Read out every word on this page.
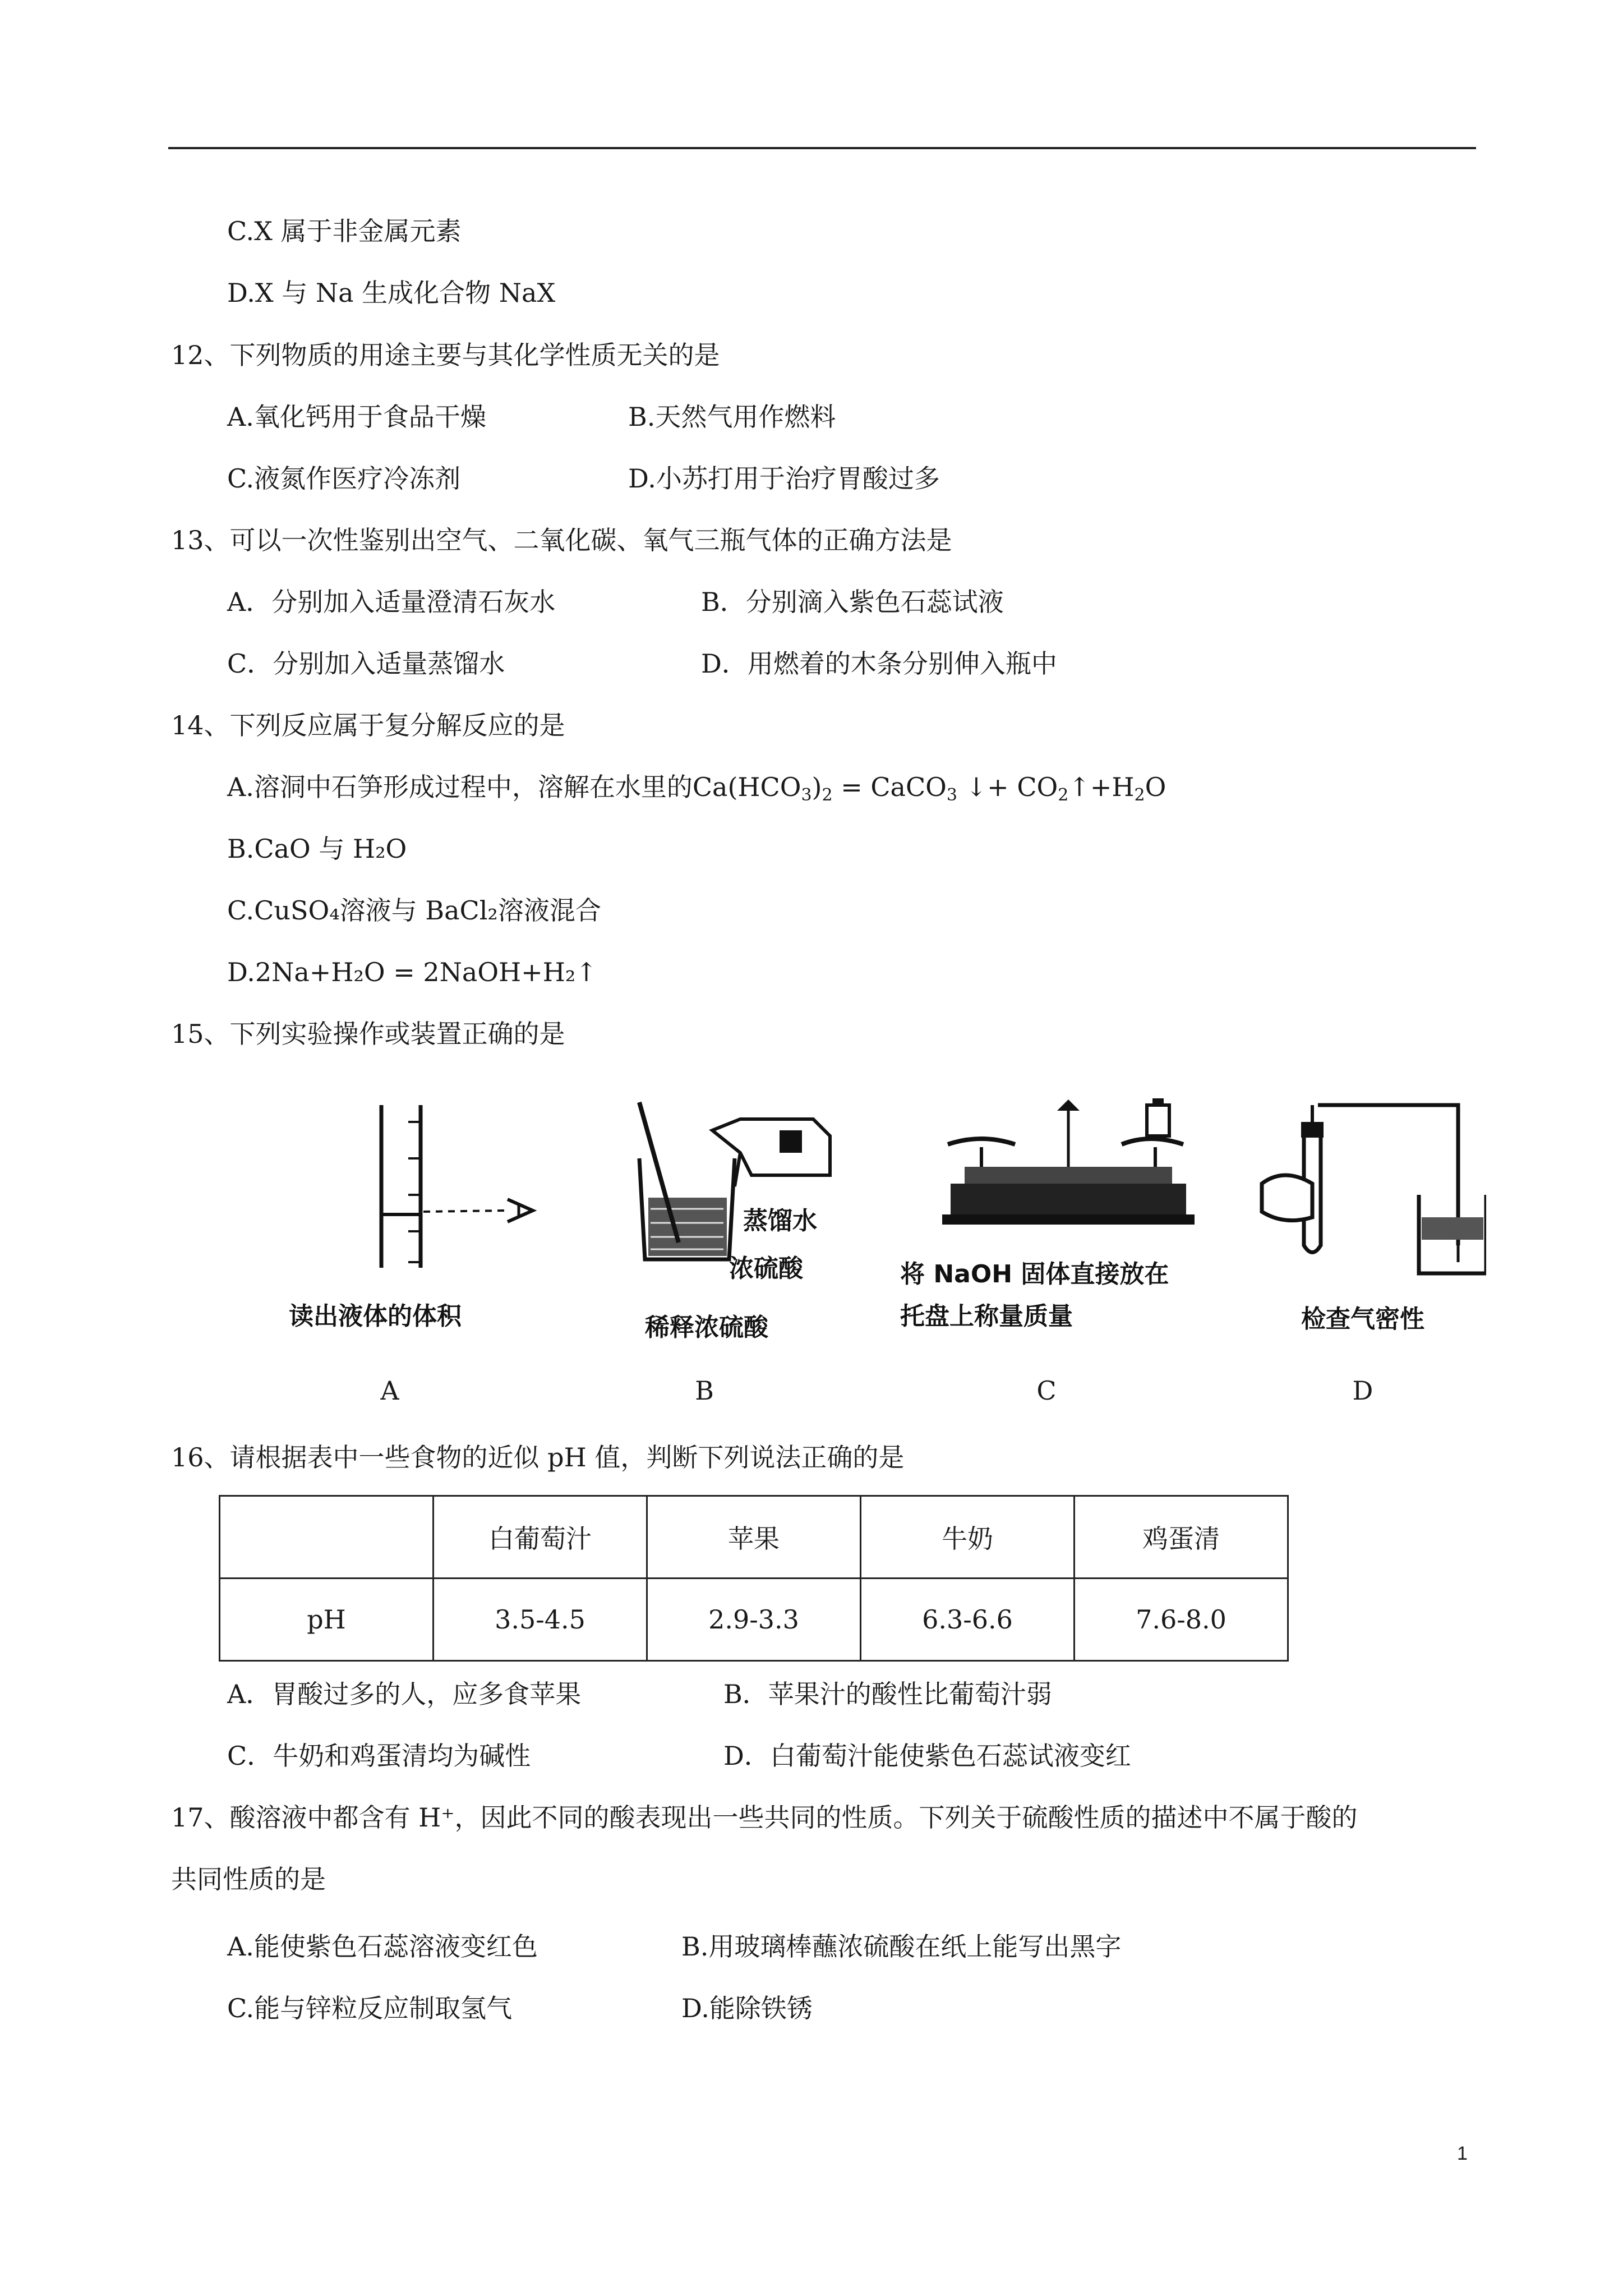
C.X 属于非金属元素
D.X 与 Na 生成化合物 NaX
12、下列物质的用途主要与其化学性质无关的是
A.氧化钙用于食品干燥	B.天然气用作燃料
C.液氮作医疗冷冻剂	D.小苏打用于治疗胃酸过多
13、可以一次性鉴别出空气、二氧化碳、氧气三瓶气体的正确方法是
A．分别加入适量澄清石灰水	B．分别滴入紫色石蕊试液
C．分别加入适量蒸馏水	D．用燃着的木条分别伸入瓶中
14、下列反应属于复分解反应的是
A.溶洞中石笋形成过程中，溶解在水里的$Ca(HCO_3)_2$ = CaCO$_3$ ↓+ $CO_2↑+H_2O$
B.CaO 与 H₂O
C.CuSO₄溶液与 BaCl₂溶液混合
D.2Na+H₂O = 2NaOH+H₂↑
15、下列实验操作或装置正确的是
读出液体的体积
蒸馏水
浓硫酸
稀释浓硫酸
将 NaOH 固体直接放在
托盘上称量质量	检查气密性
A	B	C	D
16、请根据表中一些食物的近似 pH 值，判断下列说法正确的是
	白葡萄汁	苹果	牛奶	鸡蛋清
pH	3.5-4.5	2.9-3.3	6.3-6.6	7.6-8.0
A．胃酸过多的人，应多食苹果	B．苹果汁的酸性比葡萄汁弱
C．牛奶和鸡蛋清均为碱性	D．白葡萄汁能使紫色石蕊试液变红
17、酸溶液中都含有 H⁺，因此不同的酸表现出一些共同的性质。下列关于硫酸性质的描述中不属于酸的
共同性质的是
A.能使紫色石蕊溶液变红色	B.用玻璃棒蘸浓硫酸在纸上能写出黑字
C.能与锌粒反应制取氢气	D.能除铁锈
1
